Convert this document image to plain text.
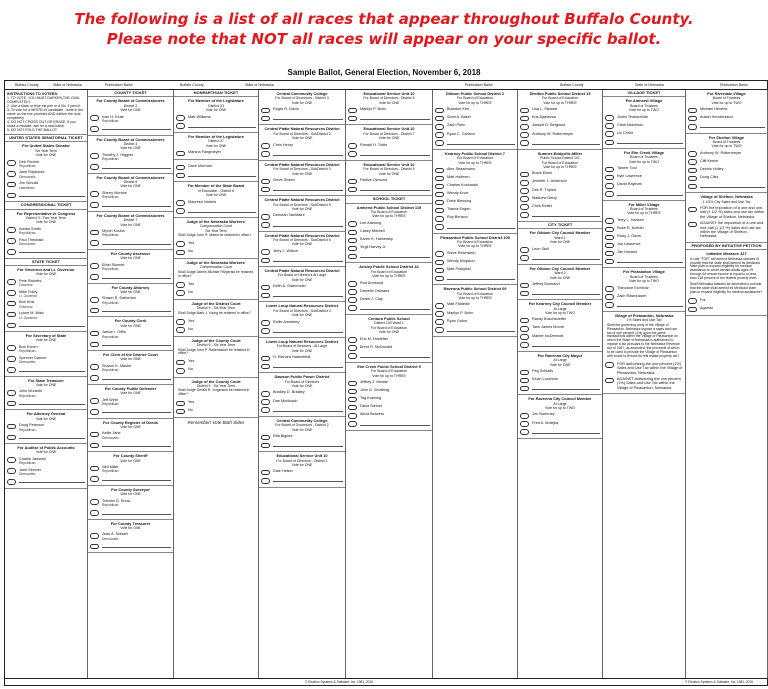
The following is a list of all races that appear throughout Buffalo County.
Please note that NOT all races will appear on your specific ballot.
Sample Ballot, General Election, November 6, 2018
Buffalo County	State of Nebraska	Publication Ballot	Buffalo County	State of Nebraska	Publication Ballot	Buffalo County	State of Nebraska	Publication Ballot
INSTRUCTIONS TO VOTERS:
1. TO VOTE, YOU MUST DARKEN THE OVAL COMPLETELY
2. Use a black or blue ink pen or a No. 2 pencil.
3. To vote for a WRITE-IN candidate - write in the name on the line provided AND darken the oval completely.
4. DO NOT CROSS OUT OR ERASE. If you make a mistake, ask for a new ballot.
5. DO NOT FOLD THE BALLOT.
UNITED STATES SENATORIAL TICKET
For United States Senator
Six Year Term
Vote for ONE
Deb Fischer
Republican
Jane Raybould
Democratic
Jim Schultz
Libertarian
CONGRESSIONAL TICKET
For Representative in Congress
District 3 - Two Year Term
Vote for ONE
Adrian Smith
Republican
Paul Theobald
Democratic
STATE TICKET
For Governor and Lt. Governor
Vote for ONE
Pete Ricketts
Governor
Mike Foley
Lt. Governor
Bob Krist
Governor
Lynne M. Walz
Lt. Governor
For Secretary of State
Vote for ONE
Bob Evnen
Republican
Spencer Danner
Democratic
For State Treasurer
Vote for ONE
John Murante
Republican
For Attorney General
Vote for ONE
Doug Peterson
Republican
For Auditor of Public Accounts
Vote for ONE
Charlie Janssen
Republican
Jane Skinner
Democratic
COUNTY TICKET
For County Board of Commissioners
District 2
Vote for ONE
Ivan H. Klute
Republican
For County Board of Commissioners
District 4
Vote for ONE
Timothy J. Higgins
Republican
For County Board of Commissioners
District 6
Vote for ONE
Sherry Morrow
Republican
For County Board of Commissioners
District 7
Vote for ONE
Myron Kouba
Republican
For County Assessor
Vote for ONE
Ethel Skinner
Republican
For County Attorney
Vote for ONE
Shawn R. Eatherton
Republican
For County Clerk
Vote for ONE
Janice I. Giffin
Republican
For Clerk of the District Court
Vote for ONE
Sharon K. Mauler
Republican
For County Public Defender
Vote for ONE
Jeff Wirth
Republican
For County Register of Deeds
Vote for ONE
Kellie Jahe
Democratic
For County Sheriff
Vote for ONE
Neil Miller
Republican
For County Surveyor
Vote for ONE
Trenton D. Snow
Republican
For County Treasurer
Vote for ONE
Jean A. Sidwell
Democratic
NONPARTISAN TICKET
For Member of the Legislature
District 33
Vote for ONE
Matt Williams
For Member of the Legislature
District 37
Vote for ONE
Marsha Fangmeyer
Dave Murman
For Member of the State Board
of Education - District 6
Vote for ONE
Maureen Nickels
Judge of the Nebraska Workers'
Compensation Court
Six Year Term
Shall Judge John R. Martin be retained in office?
Yes
No
Judge of the Nebraska Workers'
Compensation Court
Shall Judge James Michael Fitzgerald be retained in office?
Yes
No
Judge of the District Court
District 9 - Six Year Term
Shall Judge Mark J. Young be retained in office?
Yes
No
Judge of the County Court
District 9 - Six Year Term
Shall Judge John P. Rademacher be retained in office?
Yes
No
Judge of the County Court
District 9 - Six Year Term
Shall Judge Gerald R. Jorgensen be retained in office?
Yes
No
Remember! Vote Both Sides
Central Community College
For Board of Governors - District 3
Vote for ONE
Roger R. Davis
Central Platte Natural Resources District
For Board of Directors - SubDistrict 2
Vote for ONE
Chris Henry
Central Platte Natural Resources District
For Board of Directors - SubDistrict 3
Vote for ONE
Steve Sheen
Central Platte Natural Resources District
For Board of Directors - SubDistrict 5
Vote for ONE
Deborah VanMatre
Central Platte Natural Resources District
For Board of Directors - SubDistrict 6
Vote for ONE
Jerry J. Wilson
Central Platte Natural Resources District
For Board of Directors At Large
Vote for ONE
Keith A. Ostermeier
Lower Loup Natural Resources District
For Board of Directors - SubDistrict 3
Vote for ONE
Rollie Amsberry
Lower Loup Natural Resources District
For Board of Directors - At Large
Vote for ONE
H. Richard Hadenfeldt
Dawson Public Power District
For Board of Directors
Vote for ONE
Bradley D. Bradley
Dan Muhlbach
Central Community College
For Board of Governors - District 2
Vote for ONE
Rita Bigbee
Educational Service Unit 10
For Board of Directors - District 1
Vote for ONE
Dale Heiser
Educational Service Unit 10
For Board of Directors - District 5
Vote for ONE
Marilyn P. Bohn
Educational Service Unit 10
For Board of Directors - District 7
Vote for ONE
Ronald H. Tuttle
Educational Service Unit 10
For Board of Directors - District 9
Vote for ONE
Patrick Osmond
SCHOOL TICKET
Amherst Public School District 119
For Board of Education
Vote for up to THREE
Lee Adelung
Casey Mitchell
Karen K. Hamersky
Virgil Harvey Jr.
Ansley Public School District 44
For Board of Education
Vote for up to THREE
Rod Armbrust
Danielle Osbrand
Derek J. Clay
Centura Public School
District 100 Ward 1
For Board of Education
Vote for ONE
Eric M. Hostetter
Brent R. McDonald
Elm Creek Public School District 9
For Board of Education
Vote for up to THREE
Jeffrey J. Meade
John D. Worthing
Tag Koening
Dana Steiner
Alicia Beavers
Gibbon Public School District 2
For Board of Education
Vote for up to THREE
Brandon Kerr
Scott A. Baker
Zach Prien
Ryan C. Carlson
Kearney Public School District 7
For Board of Education
Vote for up to THREE
Alex Straatmann
Matt Holtmen
Charles Kozlowski
Wendy Knox
Drew Blessing
Tianna Engen
Roy Benson
Pleasanton Public School District 105
For Board of Education
Vote for up to THREE
Steve Reichstein
Wendy Kingston
Matt Przbylski
Ravenna Public School District 69
For Board of Education
Vote for up to THREE
Matt Fiddelke
Marilyn P. Bohn
Ryan Golon
Shelton Public School District 19
For Board of Education
Vote for up to THREE
Lisa L. Stewart
Kris Ajaelezza
Joseph D. Berglund
Anthony W. Rottermeyer
Sumner-Eddyville-Miller
Public School District 101
For Board of Education
Vote for up to THREE
Brock Eisen
Jennifer L. Anderson
Dirk R. Tripled
Matthew Delvy
Chris Reiter
CITY TICKET
For Gibbon City Council Member
Ward 1
Vote for ONE
Leon Stoll
For Gibbon City Council Member
Ward 2
Vote for ONE
Jeffrey Bunnand
For Kearney City Council Member
At Large
Vote for up to TWO
Randy Buschkoetter
Tami James Moore
Marlee McDermott
For Ravenna City Mayor
At Large
Vote for ONE
Peg Schlaifs
Kevin Lockhorn
For Ravenna City Council Member
At Large
Vote for up to TWO
Jim Sweeney
Fred A. Molejka
VILLAGE TICKET
For Amherst Village
Board of Trustees
Vote for up to TWO
Justin Teubschilde
Clark Nickelson
Liz Christ
For Elm Creek Village
Board of Trustees
Vote for up to TWO
Tanner Tool
Kyle Lawrence
David Rayburn
For Miller Village
Board of Trustees
Vote for up to THREE
Terry L. Hansen
Rose R. Koedel
Ricky J. Davis
Joe Lawrence
Jan Holmes
For Pleasanton Village
Board of Trustees
Vote for up to TWO
Theodore Eichholz
Zach Rasmussen
Village of Pleasanton, Nebraska
1% Sales and Use Tax
Shall the governing body of the Village of Pleasanton, Nebraska impose a sales and use tax of one percent (1%) upon the same transactions within the Village of Pleasanton on which the State of Nebraska is authorized to impose a tax pursuant to the Nebraska Revenue Act of 1967, as amended, the proceeds of which to be used to provide the Village of Pleasanton with funds to reduce its real estate property tax?
FOR authorizing the one percent (1%) Sales and Use Tax within the Village of Pleasanton, Nebraska.
AGAINST authorizing the one percent (1%) Sales and Use Tax within the Village of Pleasanton, Nebraska.
For Riverdale Village
Board of Trustees
Vote for up to TWO
Michael Heuertz
Austin Hendrickson
For Shelton Village
Board of Trustees
Vote for up to TWO
Anthony W. Rottermeyer
Cliff Keeler
Dennis Holley
Doug Cliss
Village of Shelton, Nebraska
1 1/2% City Sales and Use Tax
FOR the imposition of a one and one-half (1 1/2 %) sales and use tax within the Village of Shelton, Nebraska.
AGAINST the imposition of a one and one-half (1 1/2 %) sales and use tax within the Village of Shelton, Nebraska.
PROPOSED BY INITIATIVE PETITION
Initiative Measure 427
A vote "FOR" will amend Nebraska statutes to provide that the state shall amend its Medicaid state plan to expand eligibility for medical assistance to cover certain adults ages 19 through 64 whose income is equal to or less than 138 percent of the federal poverty level.
Shall Nebraska statutes be amended to provide that the state shall amend its Medicaid state plan to expand eligibility for medical assistance?
For
Against
© Election Systems & Software, Inc. 1981, 2015	© Election Systems & Software, Inc. 1981, 2015
